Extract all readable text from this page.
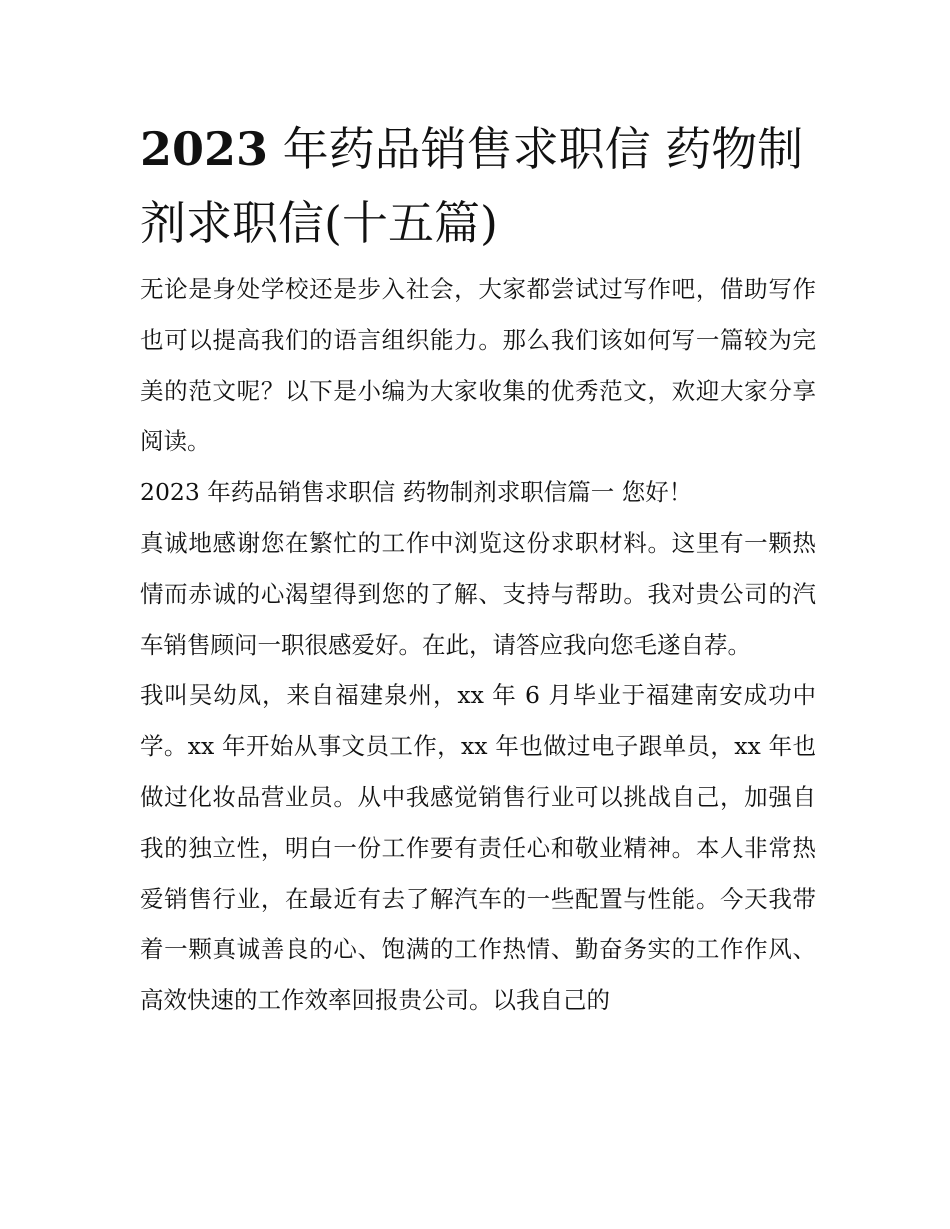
2023 年药品销售求职信 药物制剂求职信(十五篇)

无论是身处学校还是步入社会，大家都尝试过写作吧，借助写作也可以提高我们的语言组织能力。那么我们该如何写一篇较为完美的范文呢？以下是小编为大家收集的优秀范文，欢迎大家分享阅读。

2023 年药品销售求职信 药物制剂求职信篇一 您好！

真诚地感谢您在繁忙的工作中浏览这份求职材料。这里有一颗热情而赤诚的心渴望得到您的了解、支持与帮助。我对贵公司的汽车销售顾问一职很感爱好。在此，请答应我向您毛遂自荐。

我叫吴幼凤，来自福建泉州，xx 年 6 月毕业于福建南安成功中学。xx 年开始从事文员工作，xx 年也做过电子跟单员，xx 年也做过化妆品营业员。从中我感觉销售行业可以挑战自己，加强自我的独立性，明白一份工作要有责任心和敬业精神。本人非常热爱销售行业，在最近有去了解汽车的一些配置与性能。今天我带着一颗真诚善良的心、饱满的工作热情、勤奋务实的工作作风、高效快速的工作效率回报贵公司。以我自己的
